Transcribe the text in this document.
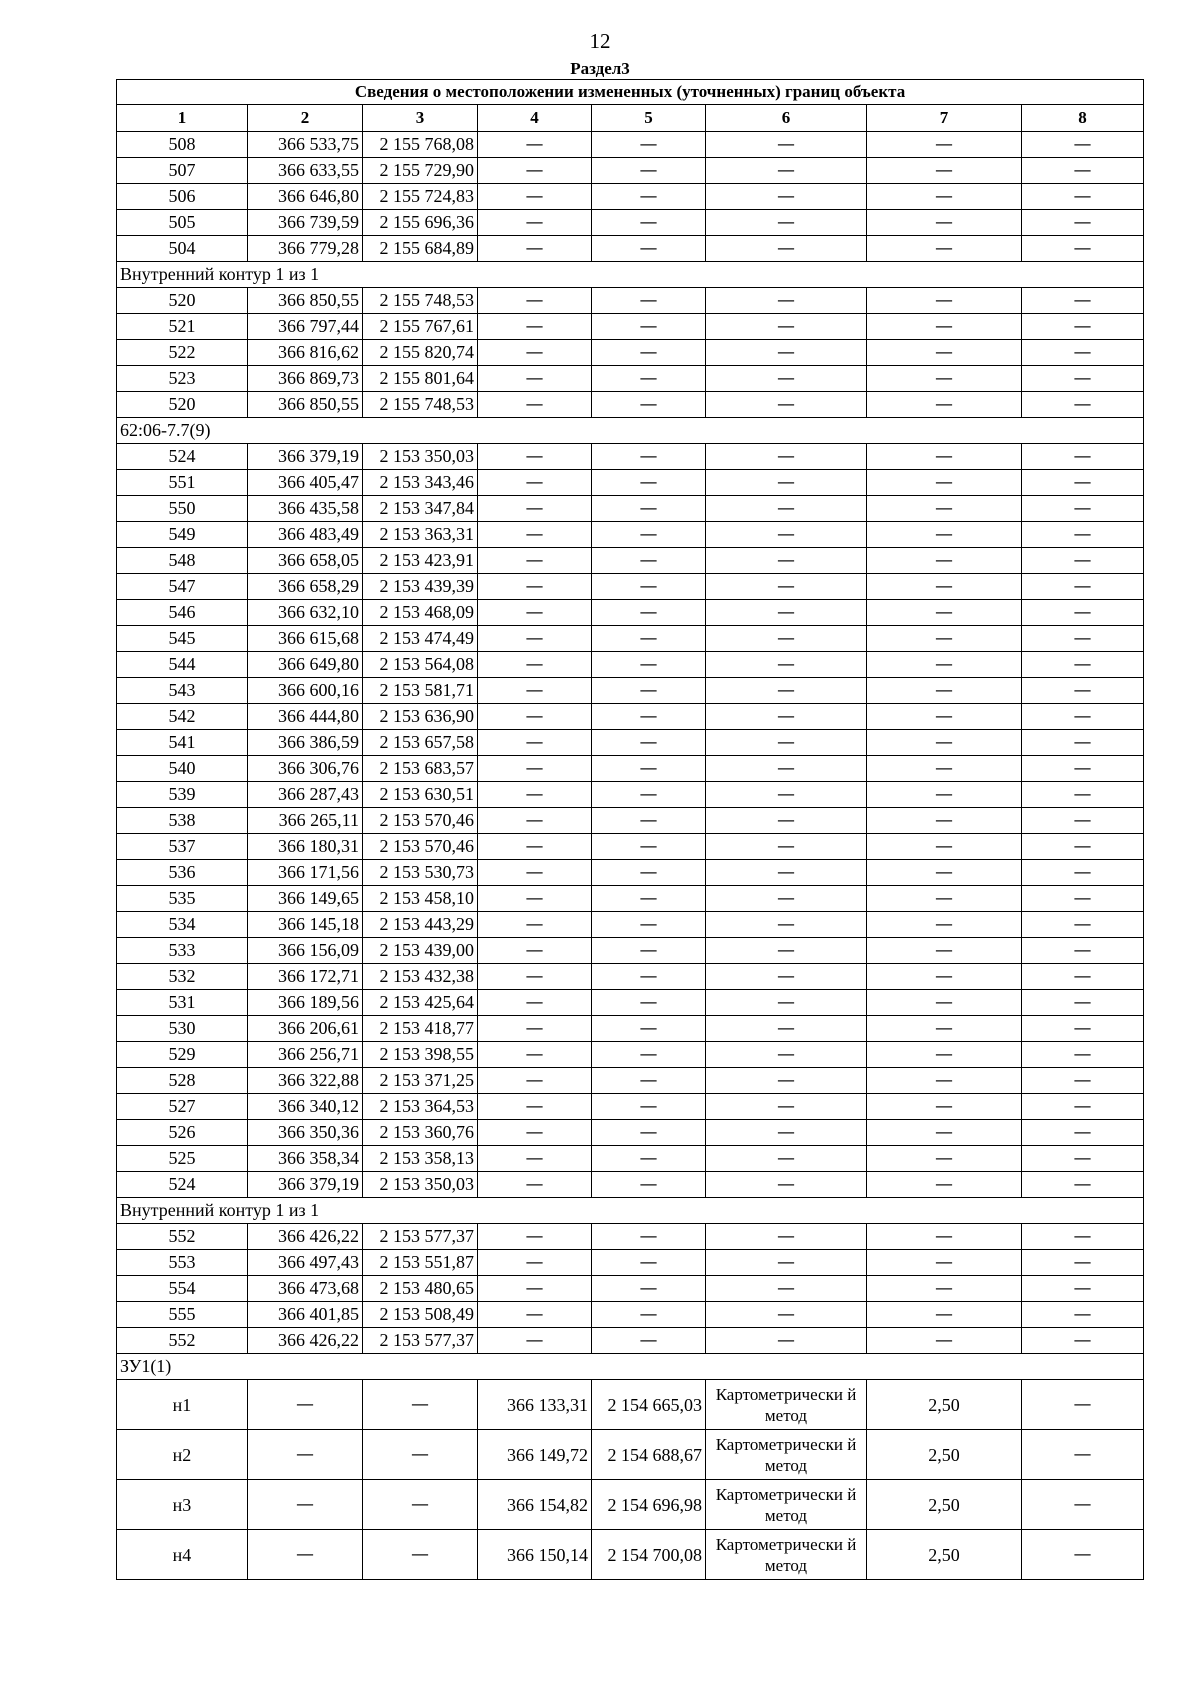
12
Раздел3
Сведения о местоположении измененных (уточненных) границ объекта							
1	2	3	4	5	6	7	8
508	366 533,75	2 155 768,08	—	—	—	—	—
507	366 633,55	2 155 729,90	—	—	—	—	—
506	366 646,80	2 155 724,83	—	—	—	—	—
505	366 739,59	2 155 696,36	—	—	—	—	—
504	366 779,28	2 155 684,89	—	—	—	—	—
Внутренний контур 1 из 1							
520	366 850,55	2 155 748,53	—	—	—	—	—
521	366 797,44	2 155 767,61	—	—	—	—	—
522	366 816,62	2 155 820,74	—	—	—	—	—
523	366 869,73	2 155 801,64	—	—	—	—	—
520	366 850,55	2 155 748,53	—	—	—	—	—
62:06-7.7(9)							
524	366 379,19	2 153 350,03	—	—	—	—	—
551	366 405,47	2 153 343,46	—	—	—	—	—
550	366 435,58	2 153 347,84	—	—	—	—	—
549	366 483,49	2 153 363,31	—	—	—	—	—
548	366 658,05	2 153 423,91	—	—	—	—	—
547	366 658,29	2 153 439,39	—	—	—	—	—
546	366 632,10	2 153 468,09	—	—	—	—	—
545	366 615,68	2 153 474,49	—	—	—	—	—
544	366 649,80	2 153 564,08	—	—	—	—	—
543	366 600,16	2 153 581,71	—	—	—	—	—
542	366 444,80	2 153 636,90	—	—	—	—	—
541	366 386,59	2 153 657,58	—	—	—	—	—
540	366 306,76	2 153 683,57	—	—	—	—	—
539	366 287,43	2 153 630,51	—	—	—	—	—
538	366 265,11	2 153 570,46	—	—	—	—	—
537	366 180,31	2 153 570,46	—	—	—	—	—
536	366 171,56	2 153 530,73	—	—	—	—	—
535	366 149,65	2 153 458,10	—	—	—	—	—
534	366 145,18	2 153 443,29	—	—	—	—	—
533	366 156,09	2 153 439,00	—	—	—	—	—
532	366 172,71	2 153 432,38	—	—	—	—	—
531	366 189,56	2 153 425,64	—	—	—	—	—
530	366 206,61	2 153 418,77	—	—	—	—	—
529	366 256,71	2 153 398,55	—	—	—	—	—
528	366 322,88	2 153 371,25	—	—	—	—	—
527	366 340,12	2 153 364,53	—	—	—	—	—
526	366 350,36	2 153 360,76	—	—	—	—	—
525	366 358,34	2 153 358,13	—	—	—	—	—
524	366 379,19	2 153 350,03	—	—	—	—	—
Внутренний контур 1 из 1							
552	366 426,22	2 153 577,37	—	—	—	—	—
553	366 497,43	2 153 551,87	—	—	—	—	—
554	366 473,68	2 153 480,65	—	—	—	—	—
555	366 401,85	2 153 508,49	—	—	—	—	—
552	366 426,22	2 153 577,37	—	—	—	—	—
ЗУ1(1)							
н1	—	—	366 133,31	2 154 665,03	Картометрически й метод	2,50	—
н2	—	—	366 149,72	2 154 688,67	Картометрически й метод	2,50	—
н3	—	—	366 154,82	2 154 696,98	Картометрически й метод	2,50	—
н4	—	—	366 150,14	2 154 700,08	Картометрически й метод	2,50	—
